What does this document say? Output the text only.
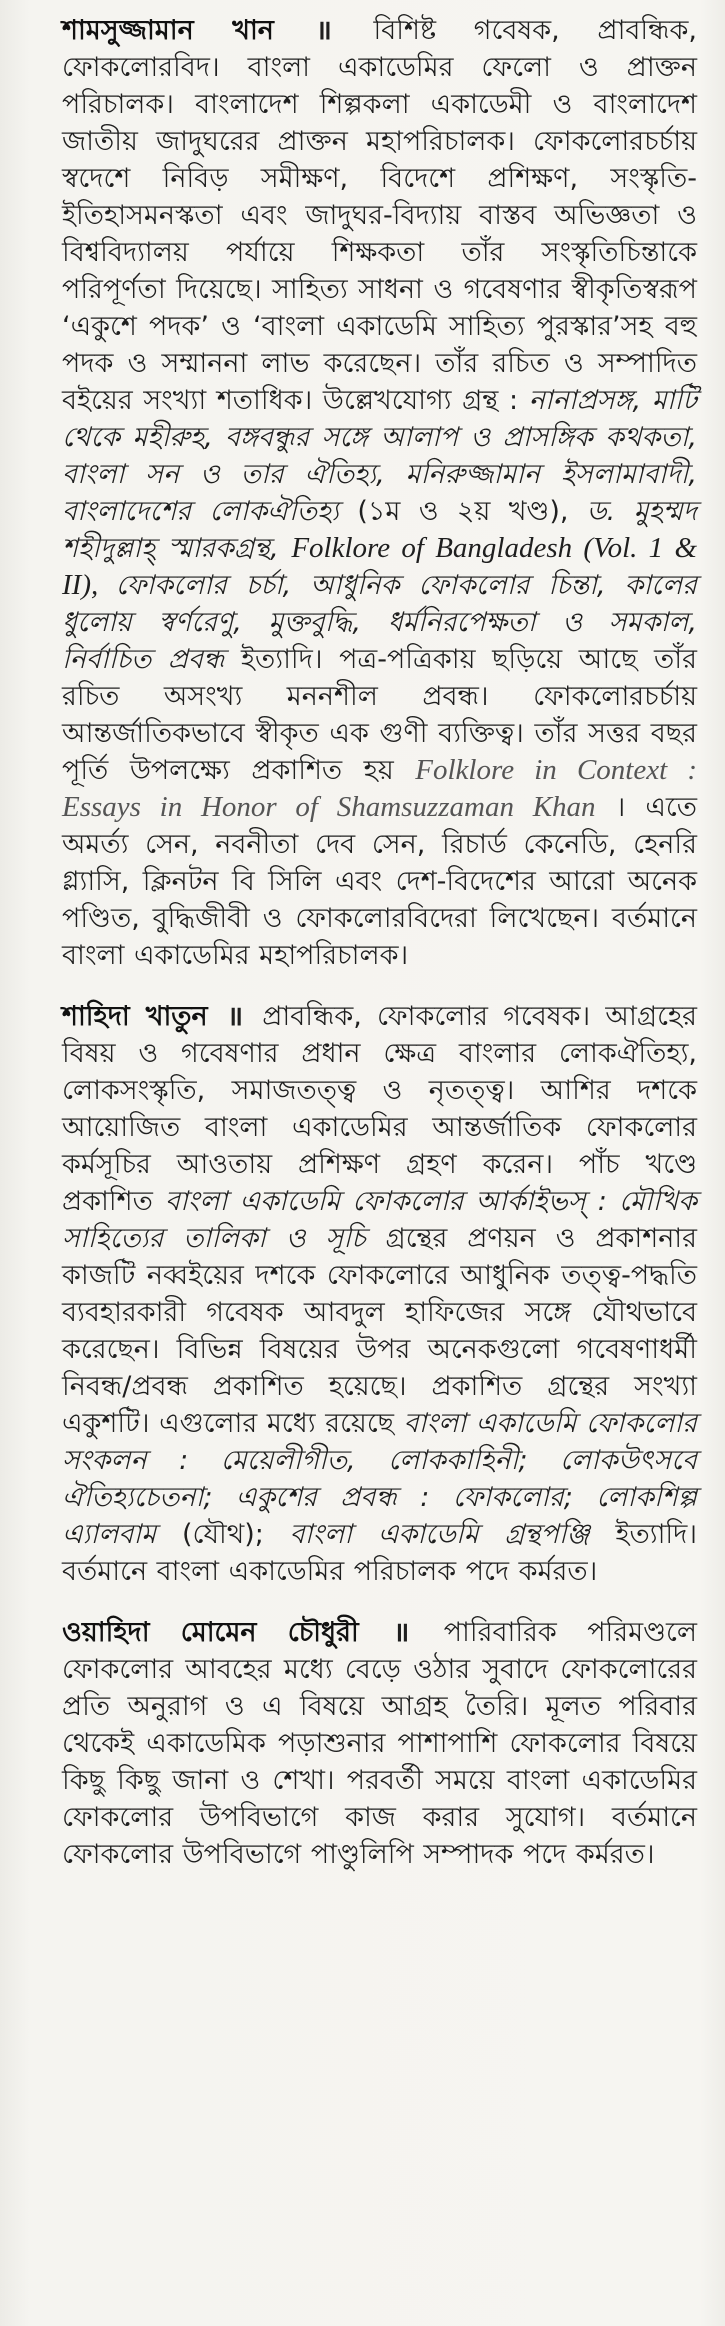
শামসুজ্জামান খান ॥ বিশিষ্ট গবেষক, প্রাবন্ধিক, ফোকলোরবিদ। বাংলা একাডেমির ফেলো ও প্রাক্তন পরিচালক। বাংলাদেশ শিল্পকলা একাডেমী ও বাংলাদেশ জাতীয় জাদুঘরের প্রাক্তন মহাপরিচালক। ফোকলোরচর্চায় স্বদেশে নিবিড় সমীক্ষণ, বিদেশে প্রশিক্ষণ, সংস্কৃতি-ইতিহাসমনস্কতা এবং জাদুঘর-বিদ্যায় বাস্তব অভিজ্ঞতা ও বিশ্ববিদ্যালয় পর্যায়ে শিক্ষকতা তাঁর সংস্কৃতিচিন্তাকে পরিপূর্ণতা দিয়েছে। সাহিত্য সাধনা ও গবেষণার স্বীকৃতিস্বরূপ ‘একুশে পদক’ ও ‘বাংলা একাডেমি সাহিত্য পুরস্কার’সহ বহু পদক ও সম্মাননা লাভ করেছেন। তাঁর রচিত ও সম্পাদিত বইয়ের সংখ্যা শতাধিক। উল্লেখযোগ্য গ্রন্থ : নানাপ্রসঙ্গ, মাটি থেকে মহীরুহ, বঙ্গবন্ধুর সঙ্গে আলাপ ও প্রাসঙ্গিক কথকতা, বাংলা সন ও তার ঐতিহ্য, মনিরুজ্জামান ইসলামাবাদী, বাংলাদেশের লোকঐতিহ্য (১ম ও ২য় খণ্ড), ড. মুহম্মদ শহীদুল্লাহ্ স্মারকগ্রন্থ, Folklore of Bangladesh (Vol. 1 & II), ফোকলোর চর্চা, আধুনিক ফোকলোর চিন্তা, কালের ধুলোয় স্বর্ণরেণু, মুক্তবুদ্ধি, ধর্মনিরপেক্ষতা ও সমকাল, নির্বাচিত প্রবন্ধ ইত্যাদি। পত্র-পত্রিকায় ছড়িয়ে আছে তাঁর রচিত অসংখ্য মননশীল প্রবন্ধ। ফোকলোরচর্চায় আন্তর্জাতিকভাবে স্বীকৃত এক গুণী ব্যক্তিত্ব। তাঁর সত্তর বছর পূর্তি উপলক্ষ্যে প্রকাশিত হয় Folklore in Context : Essays in Honor of Shamsuzzaman Khan । এতে অমর্ত্য সেন, নবনীতা দেব সেন, রিচার্ড কেনেডি, হেনরি গ্ল্যাসি, ক্লিনটন বি সিলি এবং দেশ-বিদেশের আরো অনেক পণ্ডিত, বুদ্ধিজীবী ও ফোকলোরবিদেরা লিখেছেন। বর্তমানে বাংলা একাডেমির মহাপরিচালক।

শাহিদা খাতুন ॥ প্রাবন্ধিক, ফোকলোর গবেষক। আগ্রহের বিষয় ও গবেষণার প্রধান ক্ষেত্র বাংলার লোকঐতিহ্য, লোকসংস্কৃতি, সমাজতত্ত্ব ও নৃতত্ত্ব। আশির দশকে আয়োজিত বাংলা একাডেমির আন্তর্জাতিক ফোকলোর কর্মসূচির আওতায় প্রশিক্ষণ গ্রহণ করেন। পাঁচ খণ্ডে প্রকাশিত বাংলা একাডেমি ফোকলোর আর্কাইভস্ : মৌখিক সাহিত্যের তালিকা ও সূচি গ্রন্থের প্রণয়ন ও প্রকাশনার কাজটি নব্বইয়ের দশকে ফোকলোরে আধুনিক তত্ত্ব-পদ্ধতি ব্যবহারকারী গবেষক আবদুল হাফিজের সঙ্গে যৌথভাবে করেছেন। বিভিন্ন বিষয়ের উপর অনেকগুলো গবেষণাধর্মী নিবন্ধ/প্রবন্ধ প্রকাশিত হয়েছে। প্রকাশিত গ্রন্থের সংখ্যা একুশটি। এগুলোর মধ্যে রয়েছে বাংলা একাডেমি ফোকলোর সংকলন : মেয়েলীগীত, লোককাহিনী; লোকউৎসবে ঐতিহ্যচেতনা; একুশের প্রবন্ধ : ফোকলোর; লোকশিল্প এ্যালবাম (যৌথ); বাংলা একাডেমি গ্রন্থপঞ্জি ইত্যাদি। বর্তমানে বাংলা একাডেমির পরিচালক পদে কর্মরত।

ওয়াহিদা মোমেন চৌধুরী ॥ পারিবারিক পরিমণ্ডলে ফোকলোর আবহের মধ্যে বেড়ে ওঠার সুবাদে ফোকলোরের প্রতি অনুরাগ ও এ বিষয়ে আগ্রহ তৈরি। মূলত পরিবার থেকেই একাডেমিক পড়াশুনার পাশাপাশি ফোকলোর বিষয়ে কিছু কিছু জানা ও শেখা। পরবর্তী সময়ে বাংলা একাডেমির ফোকলোর উপবিভাগে কাজ করার সুযোগ। বর্তমানে ফোকলোর উপবিভাগে পাণ্ডুলিপি সম্পাদক পদে কর্মরত।
